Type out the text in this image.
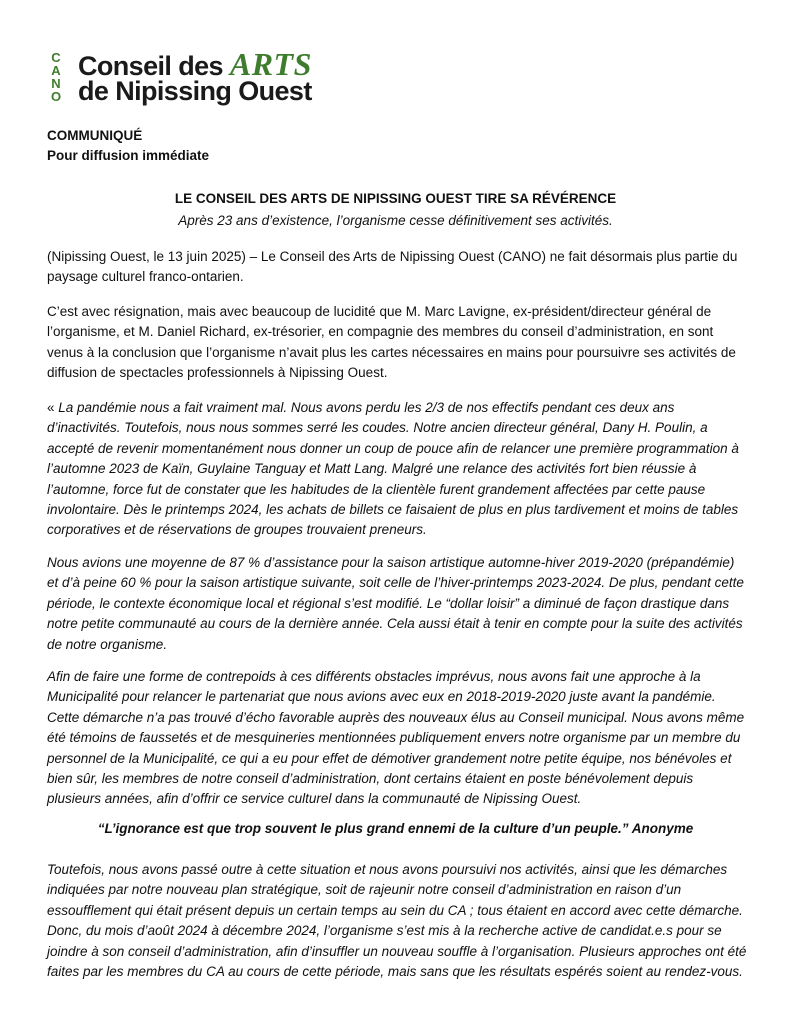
C
A
N
O
Conseil des ARTS
de Nipissing Ouest
COMMUNIQUÉ
Pour diffusion immédiate
LE CONSEIL DES ARTS DE NIPISSING OUEST TIRE SA RÉVÉRENCE
Après 23 ans d’existence, l’organisme cesse définitivement ses activités.

(Nipissing Ouest, le 13 juin 2025) – Le Conseil des Arts de Nipissing Ouest (CANO) ne fait désormais plus partie du paysage culturel franco-ontarien.

C’est avec résignation, mais avec beaucoup de lucidité que M. Marc Lavigne, ex-président/directeur général de l’organisme, et M. Daniel Richard, ex-trésorier, en compagnie des membres du conseil d’administration, en sont venus à la conclusion que l’organisme n’avait plus les cartes nécessaires en mains pour poursuivre ses activités de diffusion de spectacles professionnels à Nipissing Ouest.

« La pandémie nous a fait vraiment mal. Nous avons perdu les 2/3 de nos effectifs pendant ces deux ans d’inactivités. Toutefois, nous nous sommes serré les coudes. Notre ancien directeur général, Dany H. Poulin, a accepté de revenir momentanément nous donner un coup de pouce afin de relancer une première programmation à l’automne 2023 de Kaïn, Guylaine Tanguay et Matt Lang. Malgré une relance des activités fort bien réussie à l’automne, force fut de constater que les habitudes de la clientèle furent grandement affectées par cette pause involontaire. Dès le printemps 2024, les achats de billets ce faisaient de plus en plus tardivement et moins de tables corporatives et de réservations de groupes trouvaient preneurs.

Nous avions une moyenne de 87 % d’assistance pour la saison artistique automne-hiver 2019-2020 (prépandémie) et d’à peine 60 % pour la saison artistique suivante, soit celle de l’hiver-printemps 2023-2024. De plus, pendant cette période, le contexte économique local et régional s’est modifié. Le “dollar loisir” a diminué de façon drastique dans notre petite communauté au cours de la dernière année. Cela aussi était à tenir en compte pour la suite des activités de notre organisme.

Afin de faire une forme de contrepoids à ces différents obstacles imprévus, nous avons fait une approche à la Municipalité pour relancer le partenariat que nous avions avec eux en 2018-2019-2020 juste avant la pandémie. Cette démarche n’a pas trouvé d’écho favorable auprès des nouveaux élus au Conseil municipal. Nous avons même été témoins de faussetés et de mesquineries mentionnées publiquement envers notre organisme par un membre du personnel de la Municipalité, ce qui a eu pour effet de démotiver grandement notre petite équipe, nos bénévoles et bien sûr, les membres de notre conseil d’administration, dont certains étaient en poste bénévolement depuis plusieurs années, afin d’offrir ce service culturel dans la communauté de Nipissing Ouest.

“L’ignorance est que trop souvent le plus grand ennemi de la culture d’un peuple.” Anonyme

Toutefois, nous avons passé outre à cette situation et nous avons poursuivi nos activités, ainsi que les démarches indiquées par notre nouveau plan stratégique, soit de rajeunir notre conseil d’administration en raison d’un essoufflement qui était présent depuis un certain temps au sein du CA ; tous étaient en accord avec cette démarche. Donc, du mois d’août 2024 à décembre 2024, l’organisme s’est mis à la recherche active de candidat.e.s pour se joindre à son conseil d’administration, afin d’insuffler un nouveau souffle à l’organisation. Plusieurs approches ont été faites par les membres du CA au cours de cette période, mais sans que les résultats espérés soient au rendez-vous.
